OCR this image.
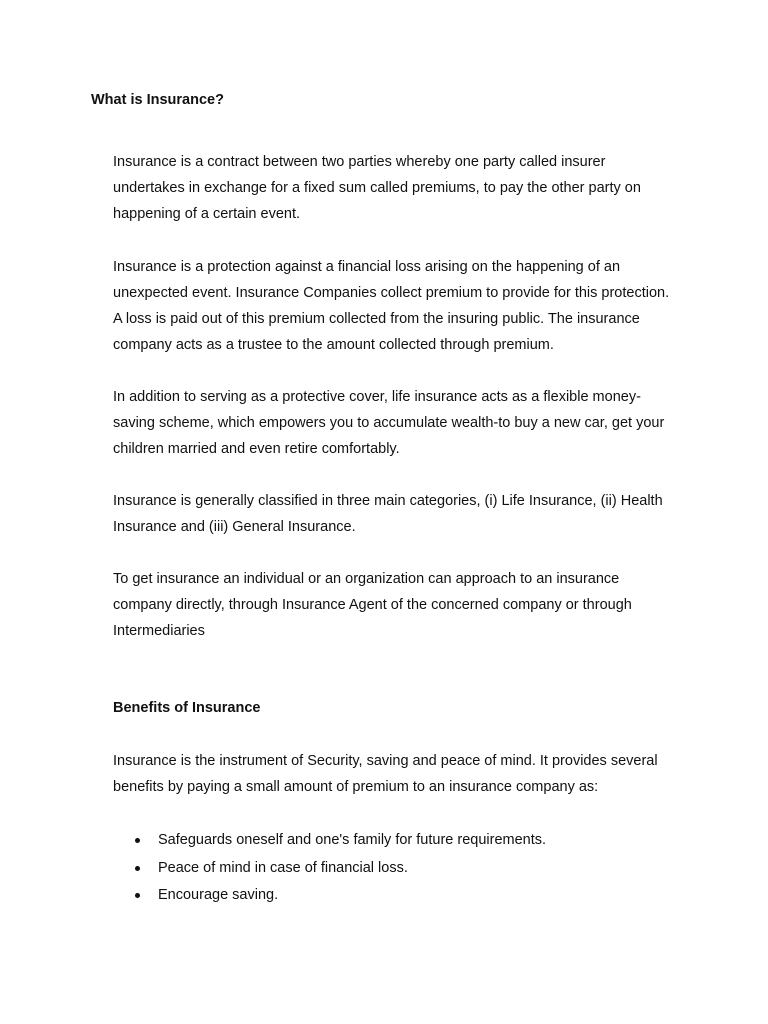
What is Insurance?

Insurance is a contract between two parties whereby one party called insurer undertakes in exchange for a fixed sum called premiums, to pay the other party on happening of a certain event.

Insurance is a protection against a financial loss arising on the happening of an unexpected event. Insurance Companies collect premium to provide for this protection. A loss is paid out of this premium collected from the insuring public. The insurance company acts as a trustee to the amount collected through premium.

In addition to serving as a protective cover, life insurance acts as a flexible money-saving scheme, which empowers you to accumulate wealth-to buy a new car, get your children married and even retire comfortably.

Insurance is generally classified in three main categories, (i) Life Insurance, (ii) Health Insurance and (iii) General Insurance.

To get insurance an individual or an organization can approach to an insurance company directly, through Insurance Agent of the concerned company or through Intermediaries

Benefits of Insurance

Insurance is the instrument of Security, saving and peace of mind. It provides several benefits by paying a small amount of premium to an insurance company as:

Safeguards oneself and one's family for future requirements.
Peace of mind in case of financial loss.
Encourage saving.
